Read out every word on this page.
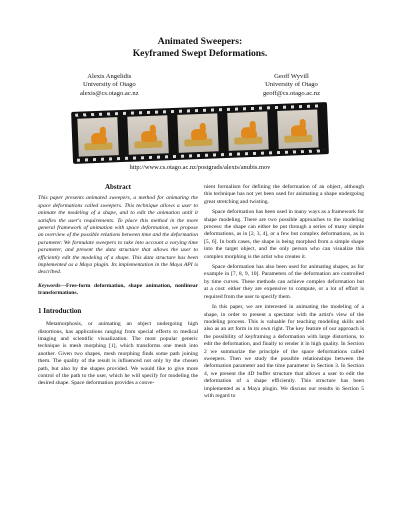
Animated Sweepers:
Keyframed Swept Deformations.
Alexis Angelidis
University of Otago
alexis@cs.otago.ac.nz
Geoff Wyvill
University of Otago
geoff@cs.otago.ac.nz
http://www.cs.otago.ac.nz/postgrads/alexis/anubis.mov
Abstract
This paper presents animated sweepers, a method for animating the space deformations called sweepers. This technique allows a user to animate the modeling of a shape, and to edit the animation until it satisfies the user's requirements. To place this method in the more general framework of animation with space deformation, we propose an overview of the possible relations between time and the deformation parameter. We formulate sweepers to take into account a varying time parameter, and present the data structure that allows the user to efficiently edit the modeling of a shape. This data structure has been implemented as a Maya plugin. Its implementation in the Maya API is described.
Keywords—Free-form deformation, shape animation, nonlinear transformations.
1 Introduction

Metamorphosis, or animating an object undergoing high distortions, has applications ranging from special effects to medical imaging and scientific visualization. The most popular generic technique is mesh morphing [1], which transforms one mesh into another. Given two shapes, mesh morphing finds some path joining them. The quality of the result is influenced not only by the chosen path, but also by the shapes provided. We would like to give more control of the path to the user, which he will specify for modeling the desired shape. Space deformation provides a conve-

nient formalism for defining the deformation of an object, although this technique has not yet been used for animating a shape undergoing great stretching and twisting.

Space deformation has been used in many ways as a framework for shape modeling. There are two possible approaches to the modeling process: the shape can either be put through a series of many simple deformations, as in [2, 3, 4], or a few but complex deformations, as in [5, 6]. In both cases, the shape is being morphed from a simple shape into the target object, and the only person who can visualize this complex morphing is the artist who creates it.

Space deformation has also been used for animating shapes, as for example in [7, 8, 9, 10]. Parameters of the deformation are controlled by time curves. These methods can achieve complex deformation but at a cost: either they are expensive to compute, or a lot of effort is required from the user to specify them.

In this paper, we are interested in animating the modeling of a shape, in order to present a spectator with the artist's view of the modeling process. This is valuable for teaching modeling skills and also as an art form in its own right. The key feature of our approach is the possibility of keyframing a deformation with large distortions, to edit the deformation, and finally to render it in high quality. In Section 2 we summarize the principle of the space deformations called sweepers. Then we study the possible relationships between the deformation parameter and the time parameter in Section 3. In Section 4, we present the 4D buffer structure that allows a user to edit the deformation of a shape efficiently. This structure has been implemented as a Maya plugin. We discuss our results in Section 5 with regard to
